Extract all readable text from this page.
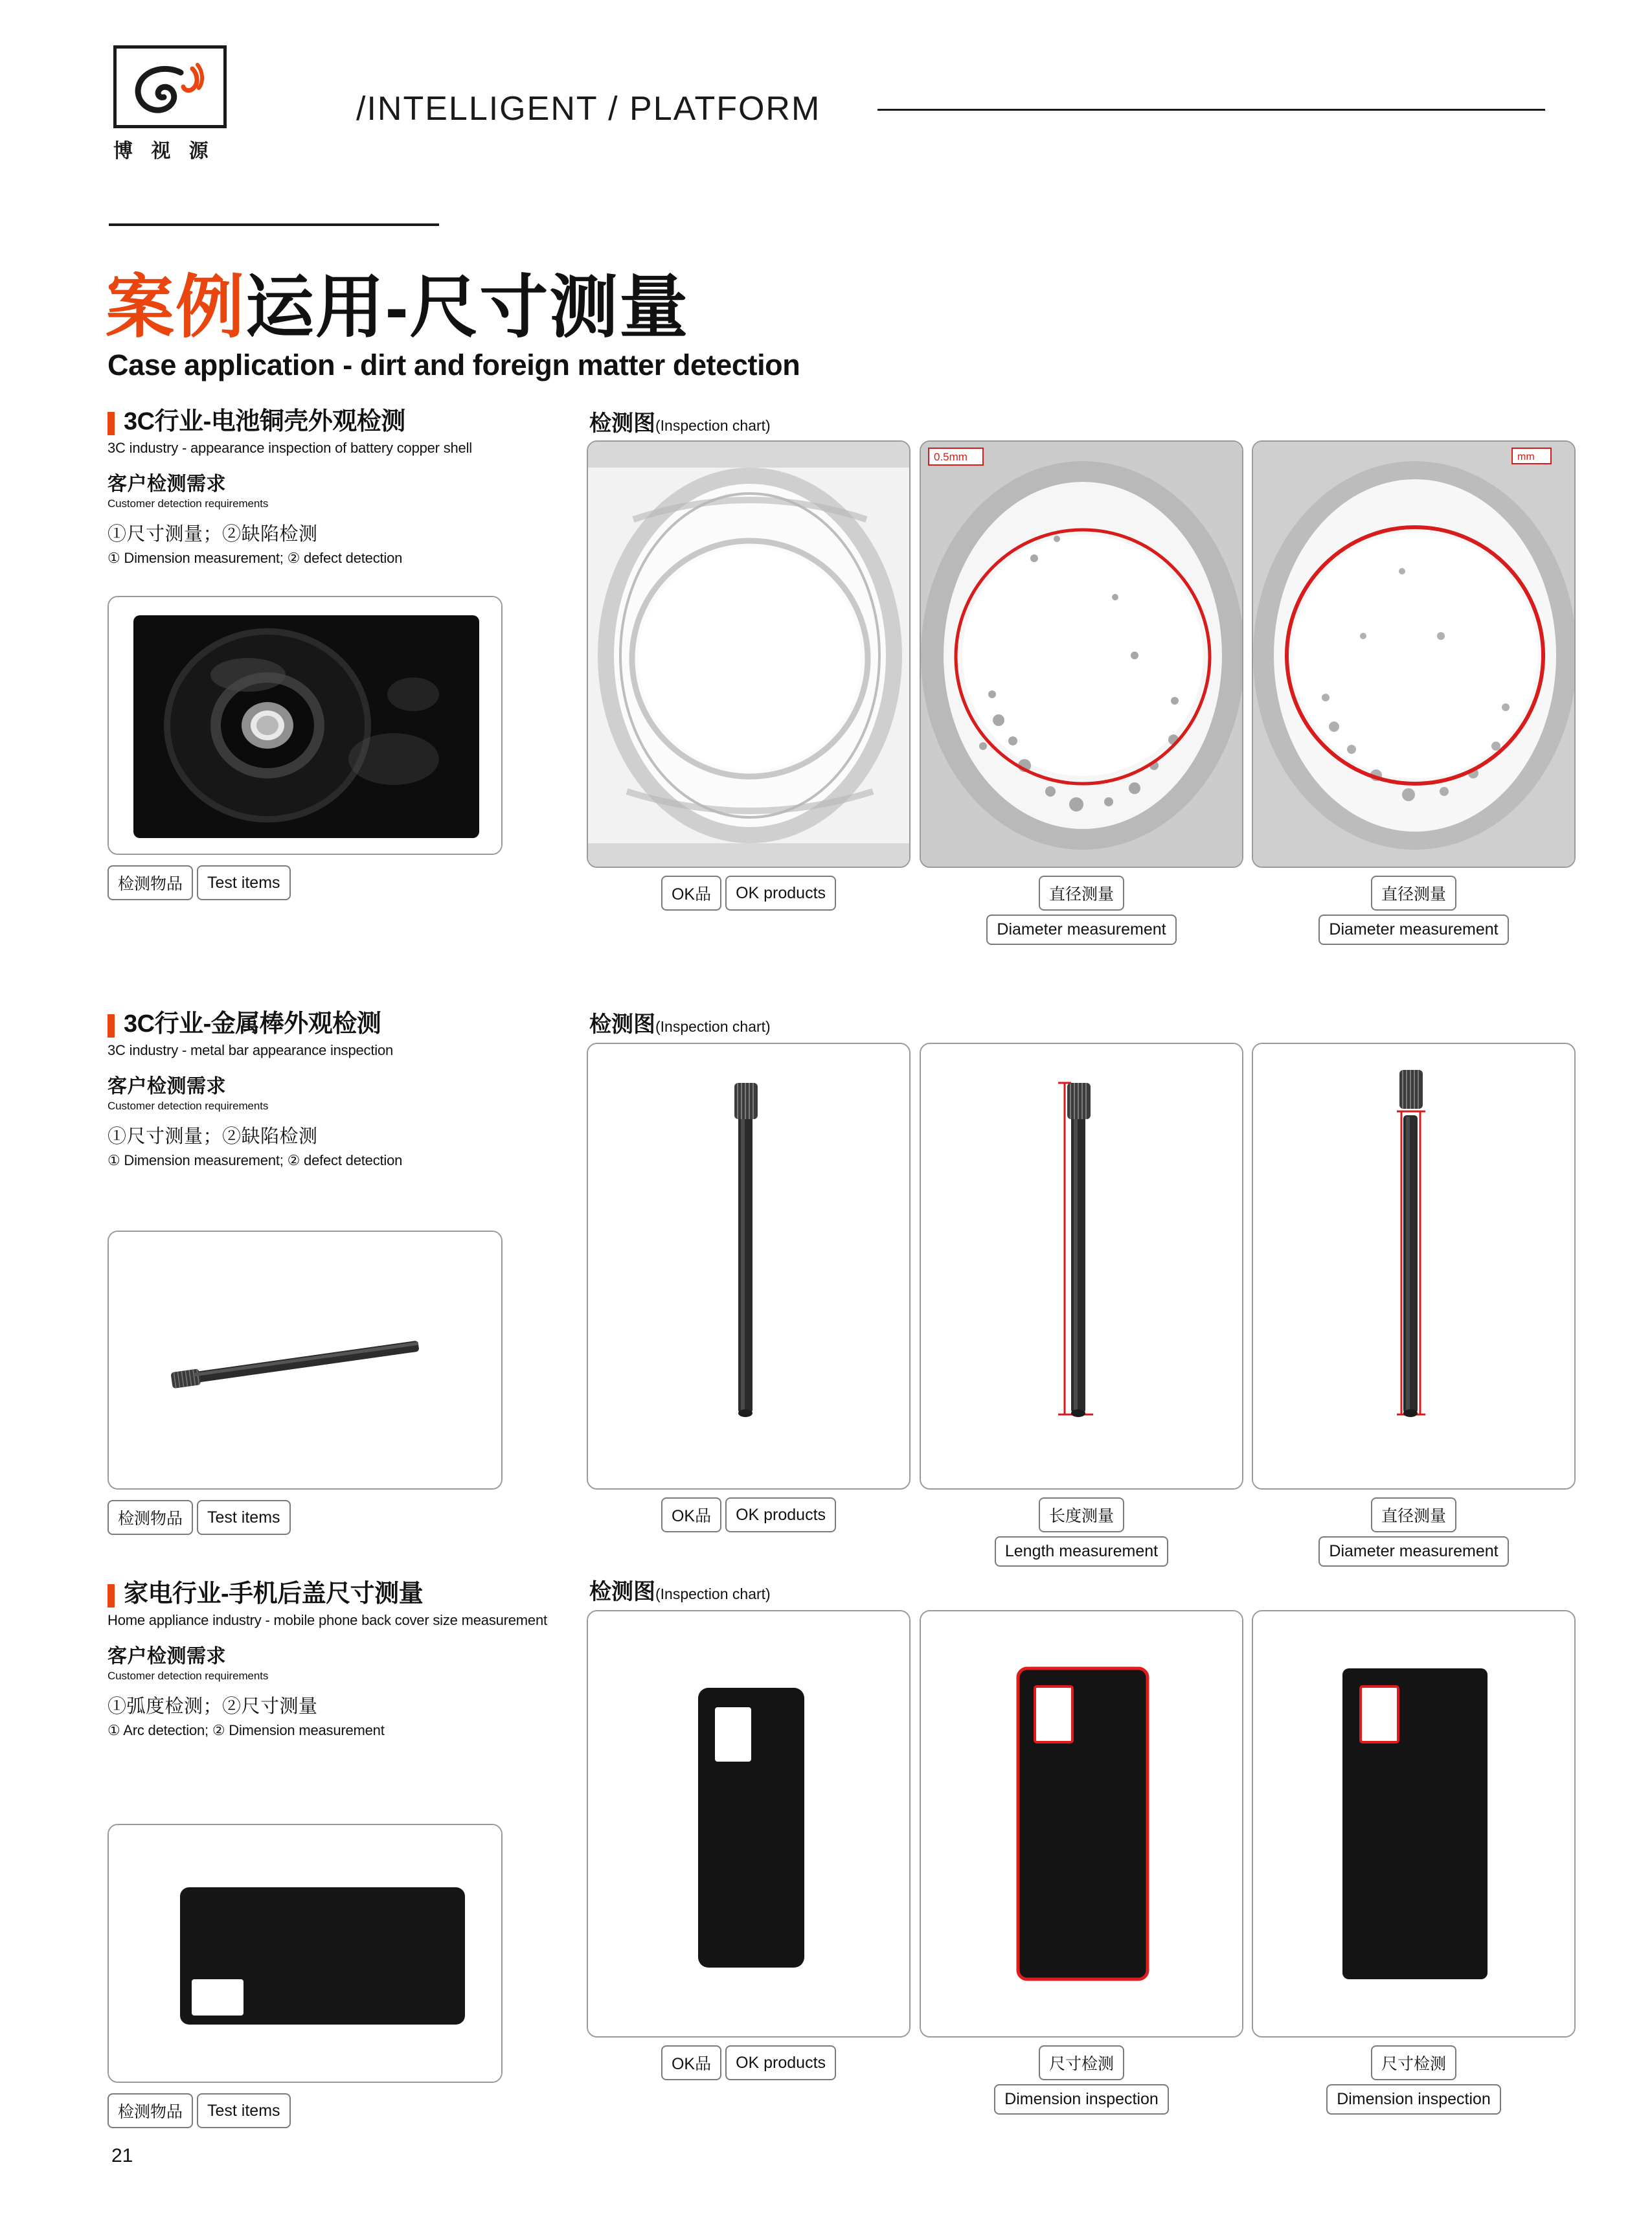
博 视 源
/INTELLIGENT / PLATFORM
案例运用-尺寸测量
Case application - dirt and foreign matter detection
3C行业-电池铜壳外观检测
3C industry - appearance inspection of battery copper shell
客户检测需求
Customer detection requirements
①尺寸测量；②缺陷检测
① Dimension measurement; ② defect detection
检测物品	Test items
检测图(Inspection chart)
OK品	OK products
0.5mm
直径测量
Diameter measurement
mm
直径测量
Diameter measurement
3C行业-金属棒外观检测
3C industry - metal bar appearance inspection
客户检测需求
Customer detection requirements
①尺寸测量；②缺陷检测
① Dimension measurement; ② defect detection
检测物品	Test items
检测图(Inspection chart)
OK品	OK products	长度测量
Length measurement
直径测量
Diameter measurement
家电行业-手机后盖尺寸测量
Home appliance industry - mobile phone back cover size measurement
客户检测需求
Customer detection requirements
①弧度检测；②尺寸测量
① Arc detection; ② Dimension measurement
检测物品	Test items
检测图(Inspection chart)
OK品	OK products	尺寸检测
Dimension inspection
尺寸检测
Dimension inspection
21
